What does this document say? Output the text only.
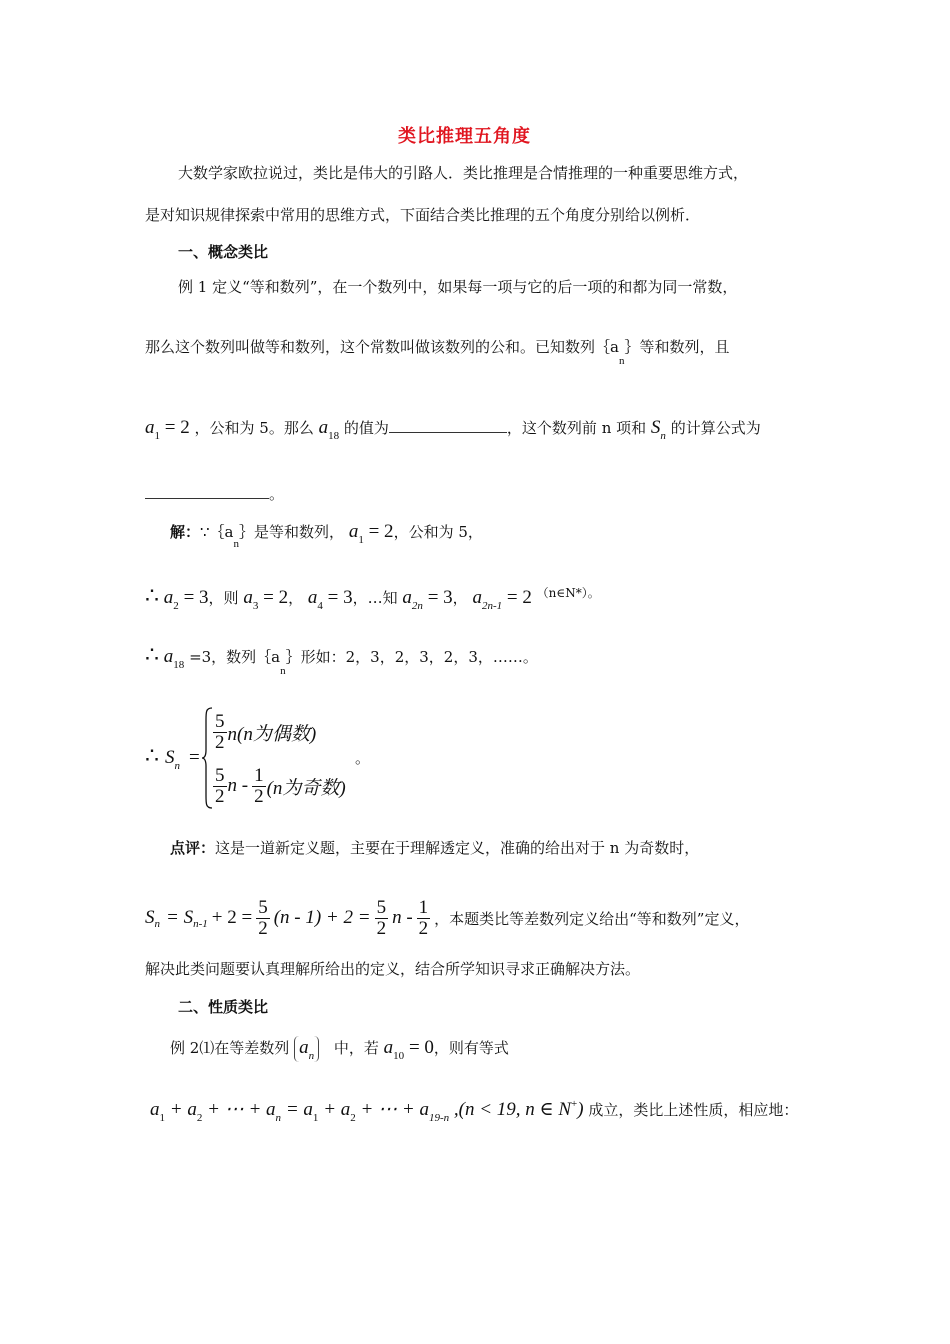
类比推理五角度
大数学家欧拉说过，类比是伟大的引路人．类比推理是合情推理的一种重要思维方式，
是对知识规律探索中常用的思维方式，下面结合类比推理的五个角度分别给以例析．
一、概念类比
例 1 定义“等和数列”，在一个数列中，如果每一项与它的后一项的和都为同一常数，
那么这个数列叫做等和数列，这个常数叫做该数列的公和。已知数列$\{a_n\}$等和数列，且
$a_1 = 2$ ，公和为 5。那么 $a_{18}$ 的值为	，这个数列前 n 项和 $S_n$ 的计算公式为
。
解：$\because\{a_n\}$是等和数列， $a_1 = 2$，公和为 5，
∴ $a_2 = 3$，则 $a_3 = 2$， $a_4 = 3$，…知 $a_{2n} = 3$， $a_{2n-1} = 2$ $^{(n\in N*)。}$
∴ $a_{18} =3$，数列$\{a_n\}$形如：2，3，2，3，2，3，……。
∴ $S_n$ =
$\frac{5}{2} n(n$为偶数)
$\frac{5}{2}$ n - $\frac{1}{2} (n$为奇数)
。
点评：这是一道新定义题，主要在于理解透定义，准确的给出对于 n 为奇数时，
S n = S $n-1 + 2 = \frac{5}{2} (n - 1) + 2 = \frac{5}{2}$ n - $\frac{1}{2}$ ，本题类比等差数列定义给出“等和数列”定义，
解决此类问题要认真理解所给出的定义，结合所学知识寻求正确解决方法。
二、性质类比
例 2⑴在等差数列 $a_n$ 中，若 $a_{10} = 0$，则有等式
$a_1 + a_2$ + ⋯ + $a_n = a_1 + a_2$ + ⋯ + $a_{19-n}$ ,(n < 19, n ∈ N+) 成立，类比上述性质，相应地：
